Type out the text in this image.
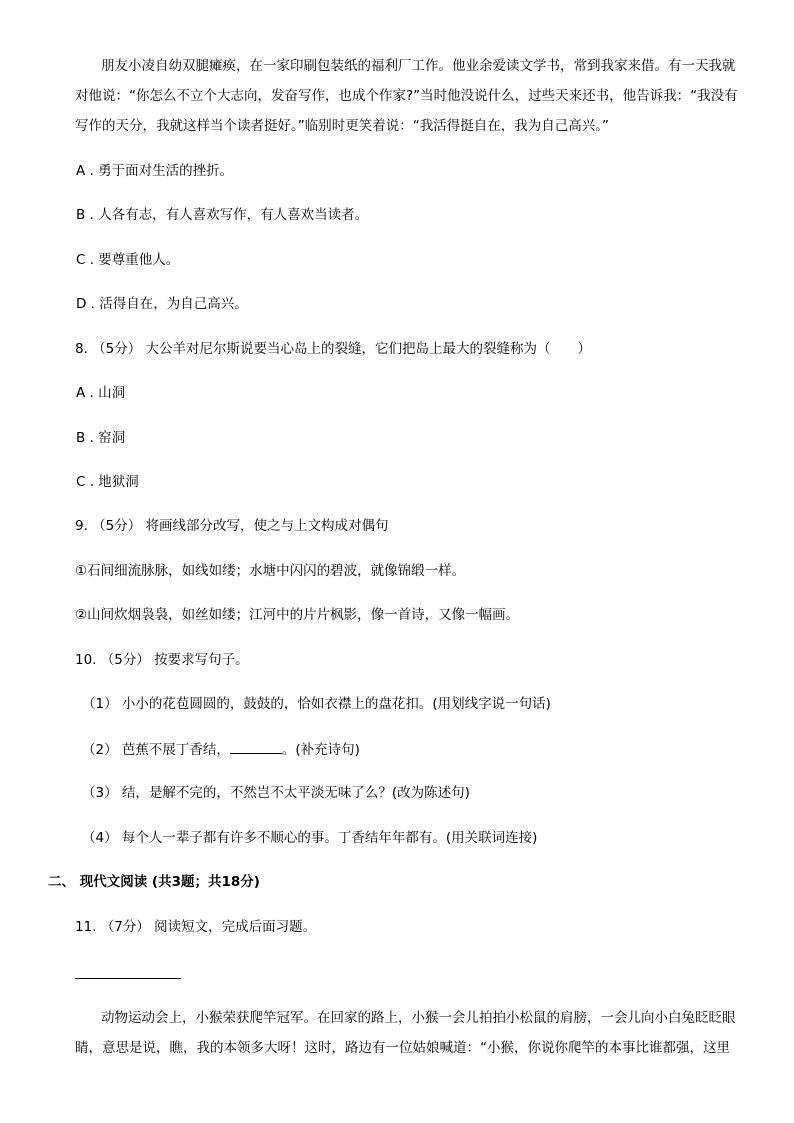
朋友小凌自幼双腿瘫痪，在一家印刷包装纸的福利厂工作。他业余爱读文学书，常到我家来借。有一天我就
对他说：“你怎么不立个大志向，发奋写作，也成个作家?”当时他没说什么，过些天来还书，他告诉我：“我没有
写作的天分，我就这样当个读者挺好。”临别时更笑着说：“我活得挺自在，我为自己高兴。”
A . 勇于面对生活的挫折。
B . 人各有志，有人喜欢写作，有人喜欢当读者。
C . 要尊重他人。
D . 活得自在，为自己高兴。
8. （5分） 大公羊对尼尔斯说要当心岛上的裂缝，它们把岛上最大的裂缝称为（　　）
A . 山洞
B . 窑洞
C . 地狱洞
9. （5分） 将画线部分改写，使之与上文构成对偶句
①石间细流脉脉，如线如缕；水塘中闪闪的碧波，就像锦缎一样。
②山间炊烟袅袅，如丝如缕；江河中的片片枫影，像一首诗，又像一幅画。
10. （5分） 按要求写句子。
（1） 小小的花苞圆圆的，鼓鼓的，恰如衣襟上的盘花扣。(用划线字说一句话)
（2） 芭蕉不展丁香结，	。(补充诗句)
（3） 结，是解不完的，不然岂不太平淡无味了么？(改为陈述句)
（4） 每个人一辈子都有许多不顺心的事。丁香结年年都有。(用关联词连接)
二、 现代文阅读 (共3题；共18分)
11. （7分） 阅读短文，完成后面习题。
动物运动会上，小猴荣获爬竿冠军。在回家的路上，小猴一会儿拍拍小松鼠的肩膀，一会儿向小白兔眨眨眼
睛，意思是说，瞧，我的本领多大呀！这时，路边有一位姑娘喊道：“小猴，你说你爬竿的本事比谁都强，这里
